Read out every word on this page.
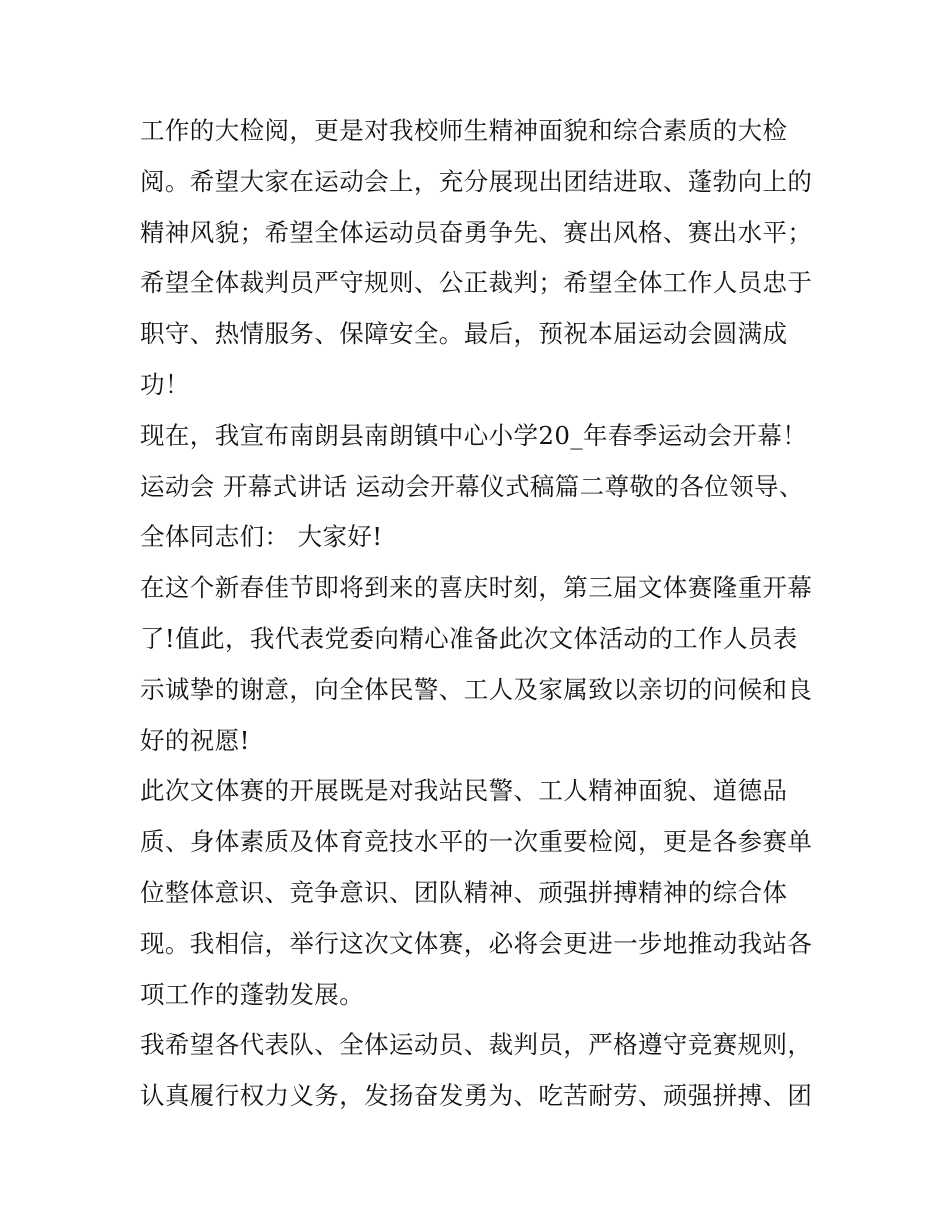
工作的大检阅，更是对我校师生精神面貌和综合素质的大检
阅。希望大家在运动会上，充分展现出团结进取、蓬勃向上的
精神风貌；希望全体运动员奋勇争先、赛出风格、赛出水平；
希望全体裁判员严守规则、公正裁判；希望全体工作人员忠于
职守、热情服务、保障安全。最后，预祝本届运动会圆满成
功！
现在，我宣布南朗县南朗镇中心小学20_年春季运动会开幕！
运动会 开幕式讲话 运动会开幕仪式稿篇二尊敬的各位领导、
全体同志们： 大家好!
在这个新春佳节即将到来的喜庆时刻，第三届文体赛隆重开幕
了!值此，我代表党委向精心准备此次文体活动的工作人员表
示诚挚的谢意，向全体民警、工人及家属致以亲切的问候和良
好的祝愿!
此次文体赛的开展既是对我站民警、工人精神面貌、道德品
质、身体素质及体育竞技水平的一次重要检阅，更是各参赛单
位整体意识、竞争意识、团队精神、顽强拼搏精神的综合体
现。我相信，举行这次文体赛，必将会更进一步地推动我站各
项工作的蓬勃发展。
我希望各代表队、全体运动员、裁判员，严格遵守竞赛规则，
认真履行权力义务，发扬奋发勇为、吃苦耐劳、顽强拼搏、团
